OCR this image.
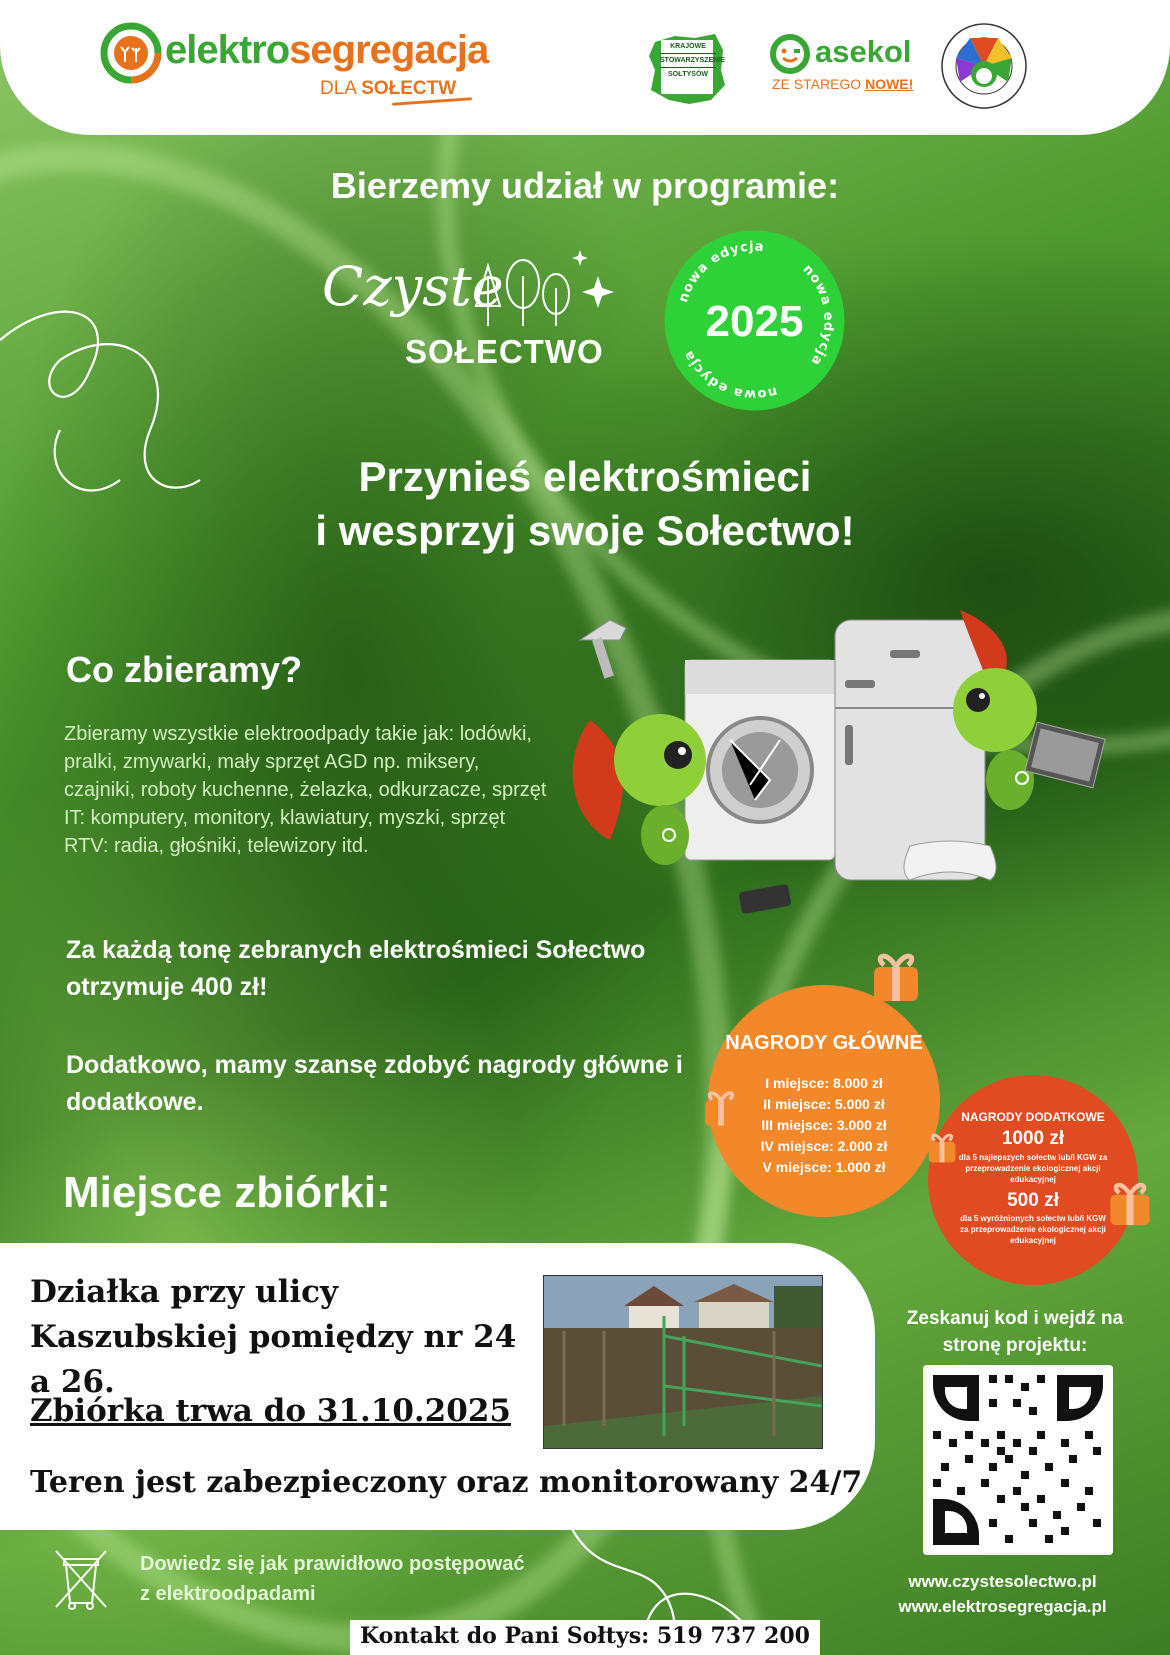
elektrosegregacja
DLA SOŁECTW
KRAJOWE
STOWARZYSZENIE
SOŁTYSÓW
asekol
ZE STAREGO NOWE!
Bierzemy udział w programie:
Czyste
SOŁECTWO
nowa edycja
nowa edycja
nowa edycja
2025
Przynieś elektrośmieci
i wesprzyj swoje Sołectwo!
Co zbieramy?
Zbieramy wszystkie elektroodpady takie jak: lodówki, pralki, zmywarki, mały sprzęt AGD np. miksery, czajniki, roboty kuchenne, żelazka, odkurzacze, sprzęt IT: komputery, monitory, klawiatury, myszki, sprzęt RTV: radia, głośniki, telewizory itd.
Za każdą tonę zebranych elektrośmieci Sołectwo otrzymuje 400 zł!
Dodatkowo, mamy szansę zdobyć nagrody główne i dodatkowe.
NAGRODY GŁÓWNE
I miejsce: 8.000 zł
II miejsce: 5.000 zł
III miejsce: 3.000 zł
IV miejsce: 2.000 zł
V miejsce: 1.000 zł
NAGRODY DODATKOWE
1000 zł
dla 5 najlepszych sołectw lub/i KGW za przeprowadzenie ekologicznej akcji edukacyjnej
500 zł
dla 5 wyróżnionych sołectw lub/i KGW za przeprowadzenie ekologicznej akcji edukacyjnej
Miejsce zbiórki:
Działka przy ulicy Kaszubskiej pomiędzy nr 24 a 26.
Zbiórka trwa do 31.10.2025
Teren jest zabezpieczony oraz monitorowany 24/7
Zeskanuj kod i wejdź na stronę projektu:
Dowiedz się jak prawidłowo postępować z elektroodpadami
www.czystesolectwo.pl
www.elektrosegregacja.pl
Kontakt do Pani Sołtys: 519 737 200
